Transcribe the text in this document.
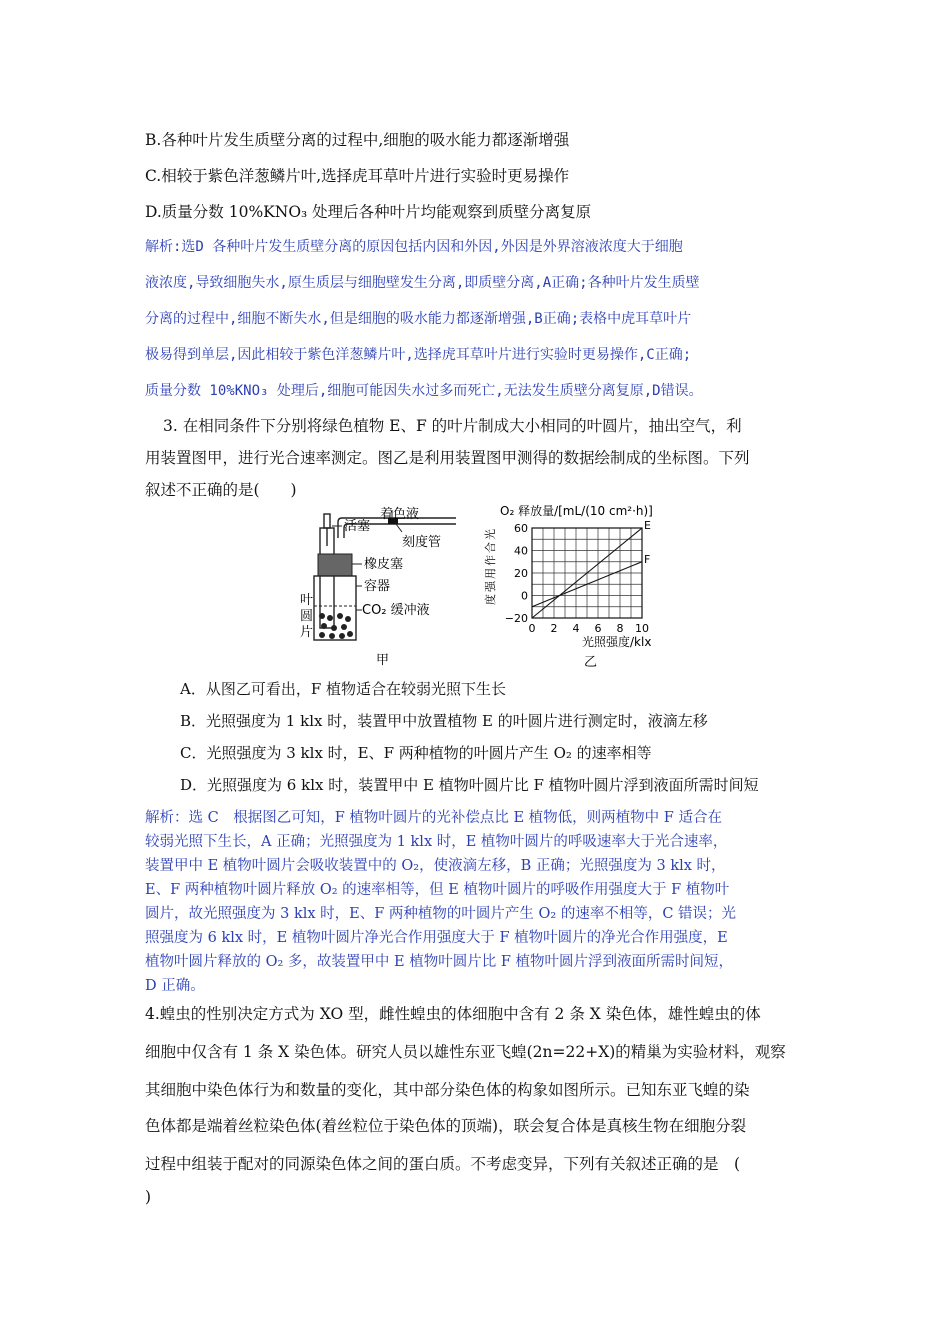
B.各种叶片发生质壁分离的过程中,细胞的吸水能力都逐渐增强
C.相较于紫色洋葱鳞片叶,选择虎耳草叶片进行实验时更易操作
D.质量分数 10%KNO₃ 处理后各种叶片均能观察到质壁分离复原
解析:选D 各种叶片发生质壁分离的原因包括内因和外因,外因是外界溶液浓度大于细胞
液浓度,导致细胞失水,原生质层与细胞壁发生分离,即质壁分离,A正确;各种叶片发生质壁
分离的过程中,细胞不断失水,但是细胞的吸水能力都逐渐增强,B正确;表格中虎耳草叶片
极易得到单层,因此相较于紫色洋葱鳞片叶,选择虎耳草叶片进行实验时更易操作,C正确;
质量分数 10%KNO₃ 处理后,细胞可能因失水过多而死亡,无法发生质壁分离复原,D错误。
3. 在相同条件下分别将绿色植物 E、F 的叶片制成大小相同的叶圆片，抽出空气，利
用装置图甲，进行光合速率测定。图乙是利用装置图甲测得的数据绘制成的坐标图。下列
叙述不正确的是(　　)
活塞
着色液
橡皮塞
刻度管
容器
叶
圆
片
CO₂ 缓冲液
甲
O₂ 释放量/[mL/(10 cm²·h)]
光
合
作
用
强
度
60
40
20
0
−20
0 2 4 6 8 10
E
F
光照强度/klx
乙
A．从图乙可看出，F 植物适合在较弱光照下生长
B．光照强度为 1 klx 时，装置甲中放置植物 E 的叶圆片进行测定时，液滴左移
C．光照强度为 3 klx 时，E、F 两种植物的叶圆片产生 O₂ 的速率相等
D．光照强度为 6 klx 时，装置甲中 E 植物叶圆片比 F 植物叶圆片浮到液面所需时间短
解析：选 C　根据图乙可知，F 植物叶圆片的光补偿点比 E 植物低，则两植物中 F 适合在
较弱光照下生长，A 正确；光照强度为 1 klx 时，E 植物叶圆片的呼吸速率大于光合速率，
装置甲中 E 植物叶圆片会吸收装置中的 O₂，使液滴左移，B 正确；光照强度为 3 klx 时，
E、F 两种植物叶圆片释放 O₂ 的速率相等，但 E 植物叶圆片的呼吸作用强度大于 F 植物叶
圆片，故光照强度为 3 klx 时，E、F 两种植物的叶圆片产生 O₂ 的速率不相等，C 错误；光
照强度为 6 klx 时，E 植物叶圆片净光合作用强度大于 F 植物叶圆片的净光合作用强度，E
植物叶圆片释放的 O₂ 多，故装置甲中 E 植物叶圆片比 F 植物叶圆片浮到液面所需时间短，
D 正确。
4.蝗虫的性别决定方式为 XO 型，雌性蝗虫的体细胞中含有 2 条 X 染色体，雄性蝗虫的体
细胞中仅含有 1 条 X 染色体。研究人员以雄性东亚飞蝗(2n=22+X)的精巢为实验材料，观察
其细胞中染色体行为和数量的变化，其中部分染色体的构象如图所示。已知东亚飞蝗的染
色体都是端着丝粒染色体(着丝粒位于染色体的顶端)，联会复合体是真核生物在细胞分裂
过程中组装于配对的同源染色体之间的蛋白质。不考虑变异，下列有关叙述正确的是　(
)
